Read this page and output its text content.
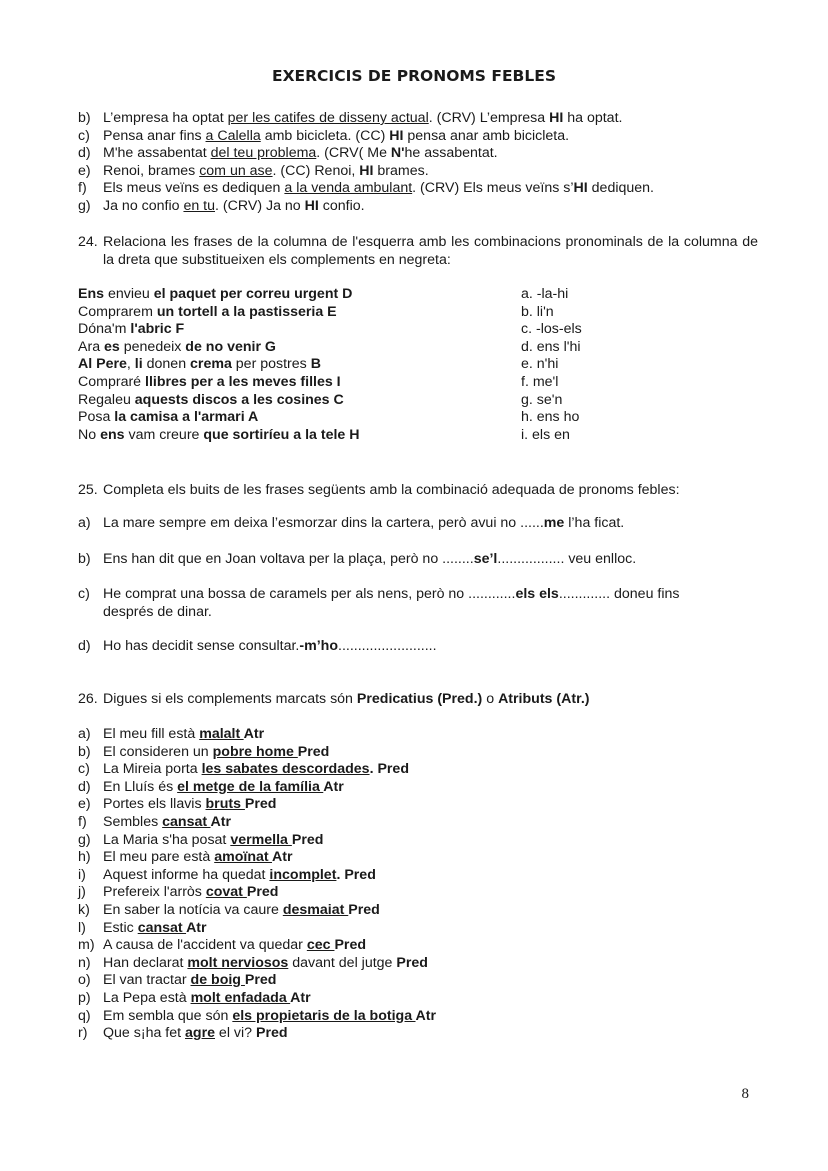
EXERCICIS DE PRONOMS FEBLES
b) L’empresa ha optat per les catifes de disseny actual. (CRV) L’empresa HI ha optat.
c) Pensa anar fins a Calella amb bicicleta. (CC) HI pensa anar amb bicicleta.
d) M'he assabentat del teu problema. (CRV( Me N'he assabentat.
e) Renoi, brames com un ase. (CC) Renoi, HI brames.
f) Els meus veïns es dediquen a la venda ambulant. (CRV) Els meus veïns s’HI dediquen.
g) Ja no confio en tu. (CRV) Ja no HI confio.
24. Relaciona les frases de la columna de l'esquerra amb les combinacions pronominals de la columna de la dreta que substitueixen els complements en negreta:
Ens envieu el paquet per correu urgent D
Comprarem un tortell a la pastisseria E
Dóna'm l'abric F
Ara es penedeix de no venir G
Al Pere, li donen crema per postres B
Compraré llibres per a les meves filles I
Regaleu aquests discos a les cosines C
Posa la camisa a l'armari A
No ens vam creure que sortiríeu a la tele H
a. -la-hi
b. li'n
c. -los-els
d. ens l'hi
e. n'hi
f. me'l
g. se'n
h. ens ho
i. els en
25. Completa els buits de les frases següents amb la combinació adequada de pronoms febles:
a) La mare sempre em deixa l’esmorzar dins la cartera, però avui no ......me l’ha ficat.
b) Ens han dit que en Joan voltava per la plaça, però no ........se’l................. veu enlloc.
c) He comprat una bossa de caramels per als nens, però no ............els els............. doneu fins
després de dinar.
d) Ho has decidit sense consultar.-m’ho.........................
26. Digues si els complements marcats són Predicatius (Pred.) o Atributs (Atr.)
a) El meu fill està malalt Atr
b) El consideren un pobre home Pred
c) La Mireia porta les sabates descordades. Pred
d) En Lluís és el metge de la família Atr
e) Portes els llavis bruts Pred
f) Sembles cansat Atr
g) La Maria s'ha posat vermella Pred
h) El meu pare està amoïnat Atr
i) Aquest informe ha quedat incomplet. Pred
j) Prefereix l'arròs covat Pred
k) En saber la notícia va caure desmaiat Pred
l) Estic cansat Atr
m) A causa de l'accident va quedar cec Pred
n) Han declarat molt nerviosos davant del jutge Pred
o) El van tractar de boig Pred
p) La Pepa està molt enfadada Atr
q) Em sembla que són els propietaris de la botiga Atr
r) Que s¡ha fet agre el vi? Pred
8
